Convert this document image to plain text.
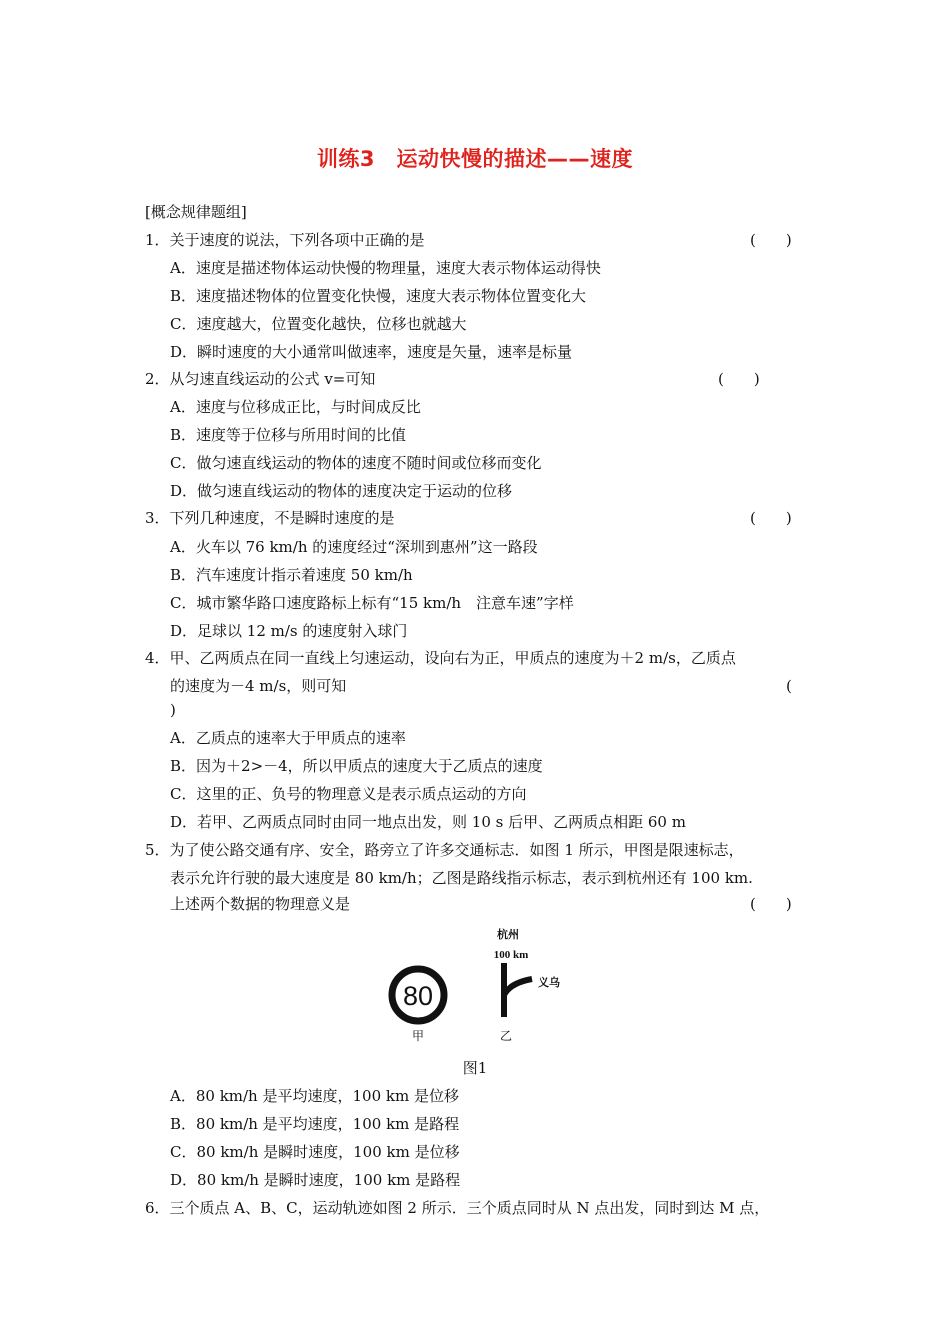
训练3　运动快慢的描述——速度
[概念规律题组]
1．关于速度的说法，下列各项中正确的是	(　　)
A．速度是描述物体运动快慢的物理量，速度大表示物体运动得快
B．速度描述物体的位置变化快慢，速度大表示物体位置变化大
C．速度越大，位置变化越快，位移也就越大
D．瞬时速度的大小通常叫做速率，速度是矢量，速率是标量
2．从匀速直线运动的公式 v=可知	(　　)
A．速度与位移成正比，与时间成反比
B．速度等于位移与所用时间的比值
C．做匀速直线运动的物体的速度不随时间或位移而变化
D．做匀速直线运动的物体的速度决定于运动的位移
3．下列几种速度，不是瞬时速度的是	(　　)
A．火车以 76 km/h 的速度经过“深圳到惠州”这一路段
B．汽车速度计指示着速度 50 km/h
C．城市繁华路口速度路标上标有“15 km/h　注意车速”字样
D．足球以 12 m/s 的速度射入球门
4．甲、乙两质点在同一直线上匀速运动，设向右为正，甲质点的速度为＋2 m/s，乙质点
的速度为－4 m/s，则可知	(
)
A．乙质点的速率大于甲质点的速率
B．因为＋2>－4，所以甲质点的速度大于乙质点的速度
C．这里的正、负号的物理意义是表示质点运动的方向
D．若甲、乙两质点同时由同一地点出发，则 10 s 后甲、乙两质点相距 60 m
5．为了使公路交通有序、安全，路旁立了许多交通标志．如图 1 所示，甲图是限速标志，
表示允许行驶的最大速度是 80 km/h；乙图是路线指示标志，表示到杭州还有 100 km.
上述两个数据的物理意义是	(　　)
80
甲
杭州
100 km
义乌
乙
图1
A．80 km/h 是平均速度，100 km 是位移
B．80 km/h 是平均速度，100 km 是路程
C．80 km/h 是瞬时速度，100 km 是位移
D．80 km/h 是瞬时速度，100 km 是路程
6．三个质点 A、B、C，运动轨迹如图 2 所示．三个质点同时从 N 点出发，同时到达 M 点，
